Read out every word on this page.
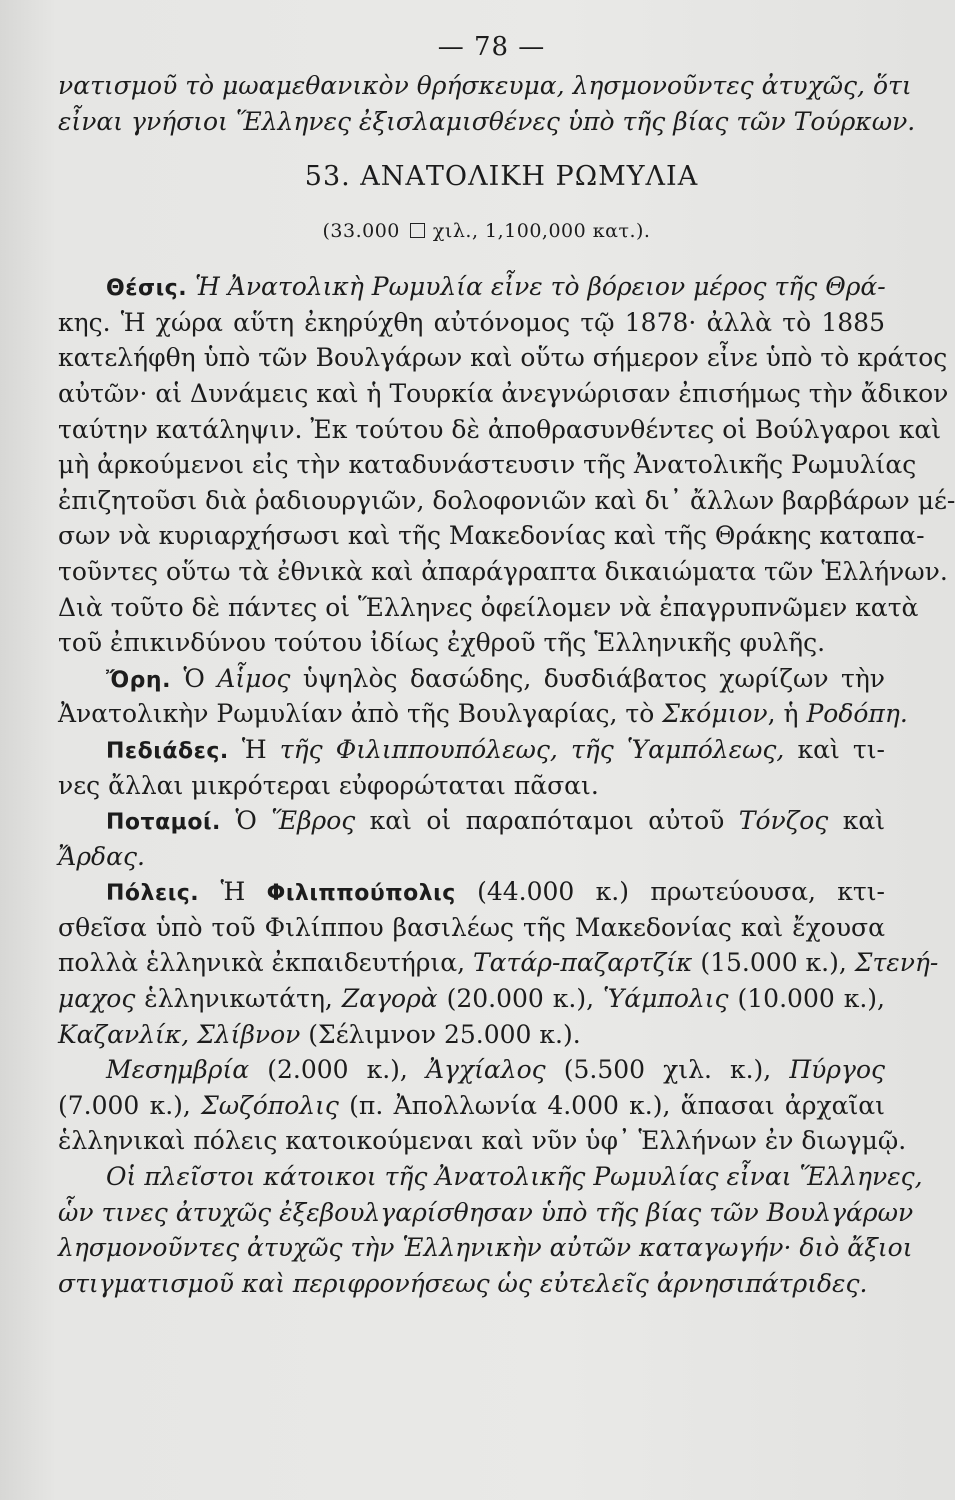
— 78 —
νατισμοῦ τὸ μωαμεθανικὸν θρήσκευμα, λησμονοῦντες ἀτυχῶς, ὅτι
εἶναι γνήσιοι Ἕλληνες ἐξισλαμισθένες ὑπὸ τῆς βίας τῶν Τούρκων.
53. ΑΝΑΤΟΛΙΚΗ ΡΩΜΥΛΙΑ
(33.000 χιλ., 1,100,000 κατ.).
Θέσις. Ἡ Ἀνατολικὴ Ρωμυλία εἶνε τὸ βόρειον μέρος τῆς Θρά-
κης. Ἡ χώρα αὕτη ἐκηρύχθη αὐτόνομος τῷ 1878· ἀλλὰ τὸ 1885
κατελήφθη ὑπὸ τῶν Βουλγάρων καὶ οὕτω σήμερον εἶνε ὑπὸ τὸ κράτος
αὐτῶν· αἱ Δυνάμεις καὶ ἡ Τουρκία ἀνεγνώρισαν ἐπισήμως τὴν ἄδικον
ταύτην κατάληψιν. Ἐκ τούτου δὲ ἀποθρασυνθέντες οἱ Βούλγαροι καὶ
μὴ ἀρκούμενοι εἰς τὴν καταδυνάστευσιν τῆς Ἀνατολικῆς Ρωμυλίας
ἐπιζητοῦσι διὰ ῥαδιουργιῶν, δολοφονιῶν καὶ δι᾽ ἄλλων βαρβάρων μέ-
σων νὰ κυριαρχήσωσι καὶ τῆς Μακεδονίας καὶ τῆς Θράκης καταπα-
τοῦντες οὕτω τὰ ἐθνικὰ καὶ ἀπαράγραπτα δικαιώματα τῶν Ἑλλήνων.
Διὰ τοῦτο δὲ πάντες οἱ Ἕλληνες ὀφείλομεν νὰ ἐπαγρυπνῶμεν κατὰ
τοῦ ἐπικινδύνου τούτου ἰδίως ἐχθροῦ τῆς Ἑλληνικῆς φυλῆς.
Ὄρη. Ὁ Αἷμος ὑψηλὸς δασώδης, δυσδιάβατος χωρίζων τὴν
Ἀνατολικὴν Ρωμυλίαν ἀπὸ τῆς Βουλγαρίας, τὸ Σκόμιον, ἡ Ροδόπη.
Πεδιάδες. Ἡ τῆς Φιλιππουπόλεως, τῆς Ὑαμπόλεως, καὶ τι-
νες ἄλλαι μικρότεραι εὐφορώταται πᾶσαι.
Ποταμοί. Ὁ Ἕβρος καὶ οἱ παραπόταμοι αὐτοῦ Τόνζος καὶ
Ἄρδας.
Πόλεις. Ἡ Φιλιππούπολις (44.000 κ.) πρωτεύουσα, κτι-
σθεῖσα ὑπὸ τοῦ Φιλίππου βασιλέως τῆς Μακεδονίας καὶ ἔχουσα
πολλὰ ἑλληνικὰ ἐκπαιδευτήρια, Τατάρ-παζαρτζίκ (15.000 κ.), Στενή-
μαχος ἑλληνικωτάτη, Ζαγορὰ (20.000 κ.), Ὑάμπολις (10.000 κ.),
Καζανλίκ, Σλίβνον (Σέλιμνον 25.000 κ.).
Μεσημβρία (2.000 κ.), Ἀγχίαλος (5.500 χιλ. κ.), Πύργος
(7.000 κ.), Σωζόπολις (π. Ἀπολλωνία 4.000 κ.), ἅπασαι ἀρχαῖαι
ἑλληνικαὶ πόλεις κατοικούμεναι καὶ νῦν ὑφ᾽ Ἑλλήνων ἐν διωγμῷ.
Οἱ πλεῖστοι κάτοικοι τῆς Ἀνατολικῆς Ρωμυλίας εἶναι Ἕλληνες,
ὧν τινες ἀτυχῶς ἐξεβουλγαρίσθησαν ὑπὸ τῆς βίας τῶν Βουλγάρων
λησμονοῦντες ἀτυχῶς τὴν Ἑλληνικὴν αὐτῶν καταγωγήν· διὸ ἄξιοι
στιγματισμοῦ καὶ περιφρονήσεως ὡς εὐτελεῖς ἀρνησιπάτριδες.
